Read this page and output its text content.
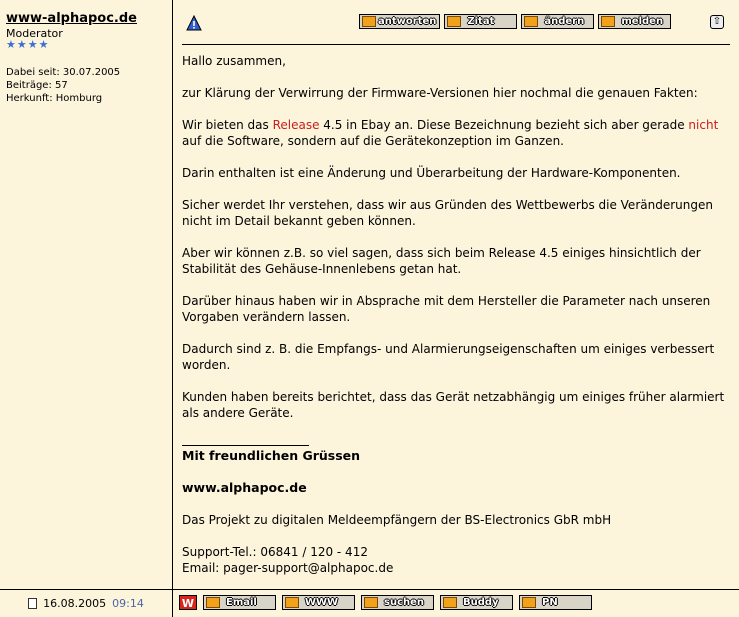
www-alphapoc.de
Moderator
★ ★ ★ ★
Dabei seit: 30.07.2005
Beiträge: 57
Herkunft: Homburg
antworten	Zitat	ändern	melden	⇧

Hallo zusammen,

zur Klärung der Verwirrung der Firmware-Versionen hier nochmal die genauen Fakten:

Wir bieten das Release 4.5 in Ebay an. Diese Bezeichnung bezieht sich aber gerade nicht auf die Software, sondern auf die Gerätekonzeption im Ganzen.

Darin enthalten ist eine Änderung und Überarbeitung der Hardware-Komponenten.

Sicher werdet Ihr verstehen, dass wir aus Gründen des Wettbewerbs die Veränderungen nicht im Detail bekannt geben können.

Aber wir können z.B. so viel sagen, dass sich beim Release 4.5 einiges hinsichtlich der Stabilität des Gehäuse-Innenlebens getan hat.

Darüber hinaus haben wir in Absprache mit dem Hersteller die Parameter nach unseren Vorgaben verändern lassen.

Dadurch sind z. B. die Empfangs- und Alarmierungseigenschaften um einiges verbessert worden.

Kunden haben bereits berichtet, dass das Gerät netzabhängig um einiges früher alarmiert als andere Geräte.

Mit freundlichen Grüssen

www.alphapoc.de

Das Projekt zu digitalen Meldeempfängern der BS-Electronics GbR mbH

Support-Tel.: 06841 / 120 - 412
Email: pager-support@alphapoc.de
16.08.2005 09:14	W	Email	WWW	suchen	Buddy	PN
